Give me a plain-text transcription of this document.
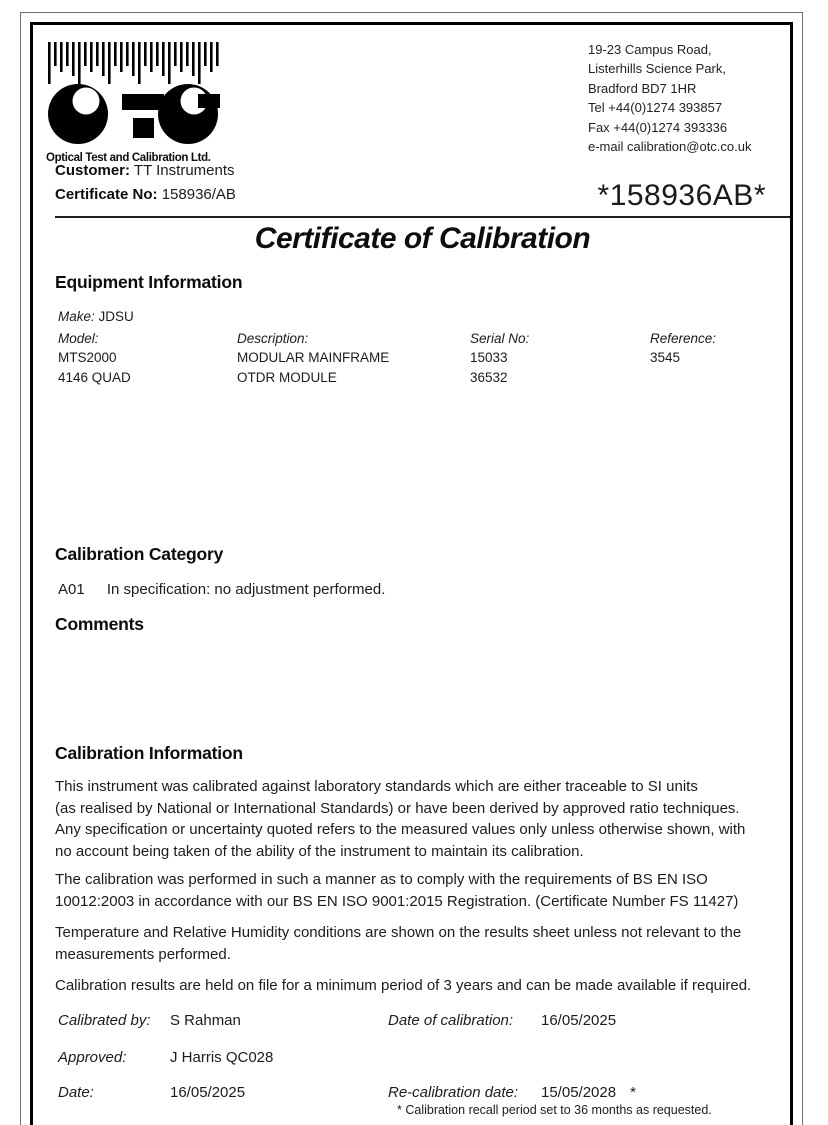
Optical Test and Calibration Ltd.
19-23 Campus Road,
Listerhills Science Park,
Bradford BD7 1HR
Tel +44(0)1274 393857
Fax +44(0)1274 393336
e-mail calibration@otc.co.uk
Customer: TT Instruments
Certificate No: 158936/AB	*158936AB*
Certificate of Calibration
Equipment Information
Make: JDSU
Model:	Description:	Serial No:	Reference:
MTS2000	MODULAR MAINFRAME	15033	3545
4146 QUAD	OTDR MODULE	36532
Calibration Category
A01 In specification: no adjustment performed.
Comments
Calibration Information
This instrument was calibrated against laboratory standards which are either traceable to SI units
(as realised by National or International Standards) or have been derived by approved ratio techniques.
Any specification or uncertainty quoted refers to the measured values only unless otherwise shown, with
no account being taken of the ability of the instrument to maintain its calibration.
The calibration was performed in such a manner as to comply with the requirements of BS EN ISO
10012:2003 in accordance with our BS EN ISO 9001:2015 Registration. (Certificate Number FS 11427)
Temperature and Relative Humidity conditions are shown on the results sheet unless not relevant to the
measurements performed.
Calibration results are held on file for a minimum period of 3 years and can be made available if required.
Calibrated by: S Rahman	Date of calibration: 16/05/2025
Approved:	J Harris QC028
Date:	16/05/2025	Re-calibration date: 15/05/2028 *
* Calibration recall period set to 36 months as requested.
